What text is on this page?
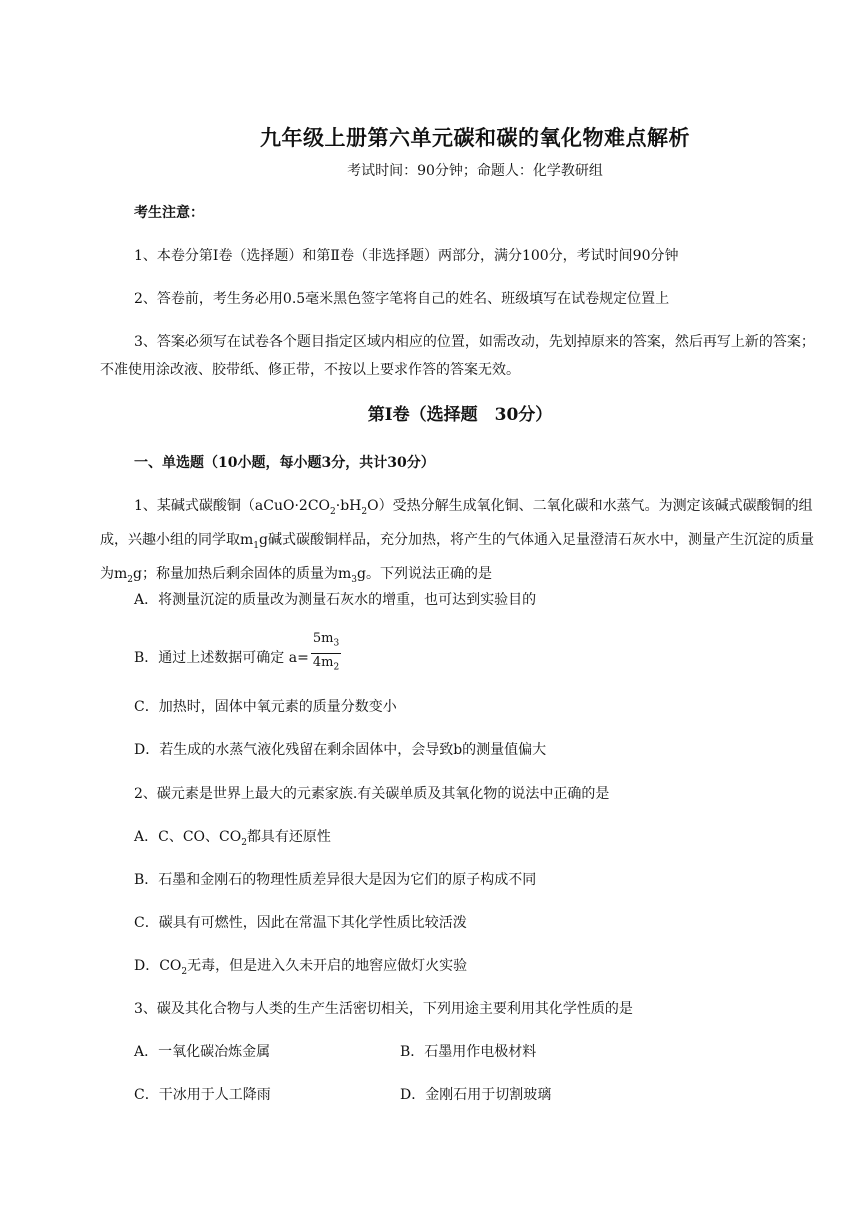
九年级上册第六单元碳和碳的氧化物难点解析
考试时间：90分钟；命题人：化学教研组
考生注意：
1、本卷分第Ⅰ卷（选择题）和第Ⅱ卷（非选择题）两部分，满分100分，考试时间90分钟
2、答卷前，考生务必用0.5毫米黑色签字笔将自己的姓名、班级填写在试卷规定位置上
3、答案必须写在试卷各个题目指定区域内相应的位置，如需改动，先划掉原来的答案，然后再写上新的答案；不准使用涂改液、胶带纸、修正带，不按以上要求作答的答案无效。
第Ⅰ卷（选择题　30分）
一、单选题（10小题，每小题3分，共计30分）
1、某碱式碳酸铜$(aCuO\cdot 2CO_2\cdot bH_2O)$受热分解生成氧化铜、二氧化碳和水蒸气。为测定该碱式碳酸铜的组成，兴趣小组的同学取$m_1g$碱式碳酸铜样品，充分加热，将产生的气体通入足量澄清石灰水中，测量产生沉淀的质量为$m_2g$；称量加热后剩余固体的质量为$m_3g$。下列说法正确的是
A．将测量沉淀的质量改为测量石灰水的增重，也可达到实验目的
B．通过上述数据可确定 $a= \frac{5m_3}{4m_2}$
C．加热时，固体中氧元素的质量分数变小
D．若生成的水蒸气液化残留在剩余固体中，会导致b的测量值偏大
2、碳元素是世界上最大的元素家族.有关碳单质及其氧化物的说法中正确的是
A．C、CO、$CO_2$都具有还原性
B．石墨和金刚石的物理性质差异很大是因为它们的原子构成不同
C．碳具有可燃性，因此在常温下其化学性质比较活泼
D．$CO_2$无毒，但是进入久未开启的地窖应做灯火实验
3、碳及其化合物与人类的生产生活密切相关，下列用途主要利用其化学性质的是
A．一氧化碳冶炼金属	B．石墨用作电极材料
C．干冰用于人工降雨	D．金刚石用于切割玻璃
